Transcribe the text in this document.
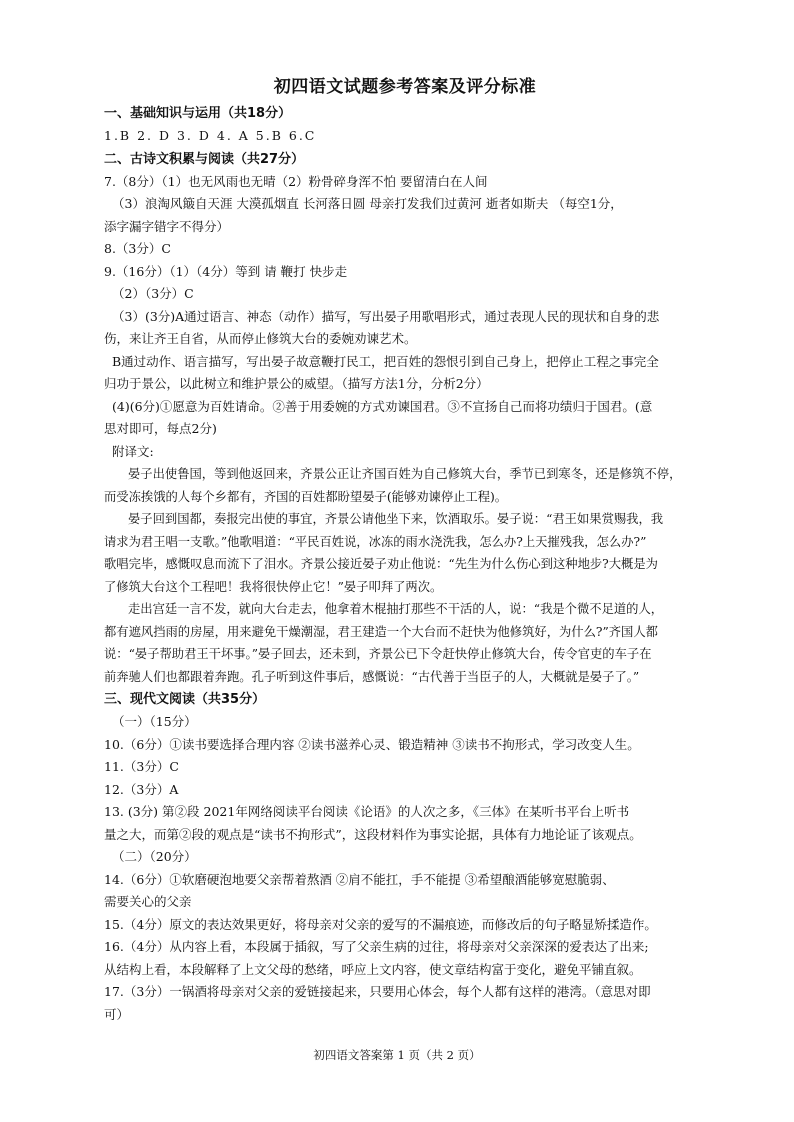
初四语文试题参考答案及评分标准
一、基础知识与运用（共18分）
1.B 2. D 3. D 4. A 5.B 6.C
二、古诗文积累与阅读（共27分）
7.（8分）（1）也无风雨也无晴（2）粉骨碎身浑不怕 要留清白在人间
（3）浪淘风簸自天涯 大漠孤烟直 长河落日圆 母亲打发我们过黄河 逝者如斯夫 （每空1分，
添字漏字错字不得分）
8.（3分）C
9.（16分）（1）（4分）等到 请 鞭打 快步走
（2）（3分）C
（3）(3分)A通过语言、神态（动作）描写，写出晏子用歌唱形式，通过表现人民的现状和自身的悲
伤，来让齐王自省，从而停止修筑大台的委婉劝谏艺术。
B通过动作、语言描写，写出晏子故意鞭打民工，把百姓的怨恨引到自己身上，把停止工程之事完全
归功于景公，以此树立和维护景公的威望。（描写方法1分，分析2分）
(4)(6分)①愿意为百姓请命。②善于用委婉的方式劝谏国君。③不宣扬自己而将功绩归于国君。(意
思对即可，每点2分)
附译文:
晏子出使鲁国，等到他返回来，齐景公正让齐国百姓为自己修筑大台，季节已到寒冬，还是修筑不停，
而受冻挨饿的人每个乡都有，齐国的百姓都盼望晏子(能够劝谏停止工程)。
晏子回到国都，奏报完出使的事宜，齐景公请他坐下来，饮酒取乐。晏子说：“君王如果赏赐我，我
请求为君王唱一支歌。”他歌唱道：“平民百姓说，冰冻的雨水浇洗我，怎么办?上天摧残我，怎么办?”
歌唱完毕，感慨叹息而流下了泪水。齐景公接近晏子劝止他说：“先生为什么伤心到这种地步?大概是为
了修筑大台这个工程吧！我将很快停止它！”晏子叩拜了两次。
走出宫廷一言不发，就向大台走去，他拿着木棍抽打那些不干活的人，说：“我是个微不足道的人，
都有遮风挡雨的房屋，用来避免干燥潮湿，君王建造一个大台而不赶快为他修筑好，为什么?”齐国人都
说：“晏子帮助君王干坏事。”晏子回去，还未到，齐景公已下令赶快停止修筑大台，传令官吏的车子在
前奔驰人们也都跟着奔跑。孔子听到这件事后，感慨说：“古代善于当臣子的人，大概就是晏子了。”
三、现代文阅读（共35分）
（一）（15分）
10.（6分）①读书要选择合理内容 ②读书滋养心灵、锻造精神 ③读书不拘形式，学习改变人生。
11.（3分）C
12.（3分）A
13. (3分) 第②段 2021年网络阅读平台阅读《论语》的人次之多，《三体》在某听书平台上听书
量之大，而第②段的观点是“读书不拘形式”，这段材料作为事实论据，具体有力地论证了该观点。
（二）（20分）
14.（6分）①软磨硬泡地要父亲帮着熬酒 ②肩不能扛，手不能提 ③希望酿酒能够宽慰脆弱、
需要关心的父亲
15.（4分）原文的表达效果更好，将母亲对父亲的爱写的不漏痕迹，而修改后的句子略显矫揉造作。
16.（4分）从内容上看，本段属于插叙，写了父亲生病的过往，将母亲对父亲深深的爱表达了出来;
从结构上看，本段解释了上文父母的愁绪，呼应上文内容，使文章结构富于变化，避免平铺直叙。
17.（3分）一锅酒将母亲对父亲的爱链接起来，只要用心体会，每个人都有这样的港湾。（意思对即
可）
初四语文答案第 1 页（共 2 页）
